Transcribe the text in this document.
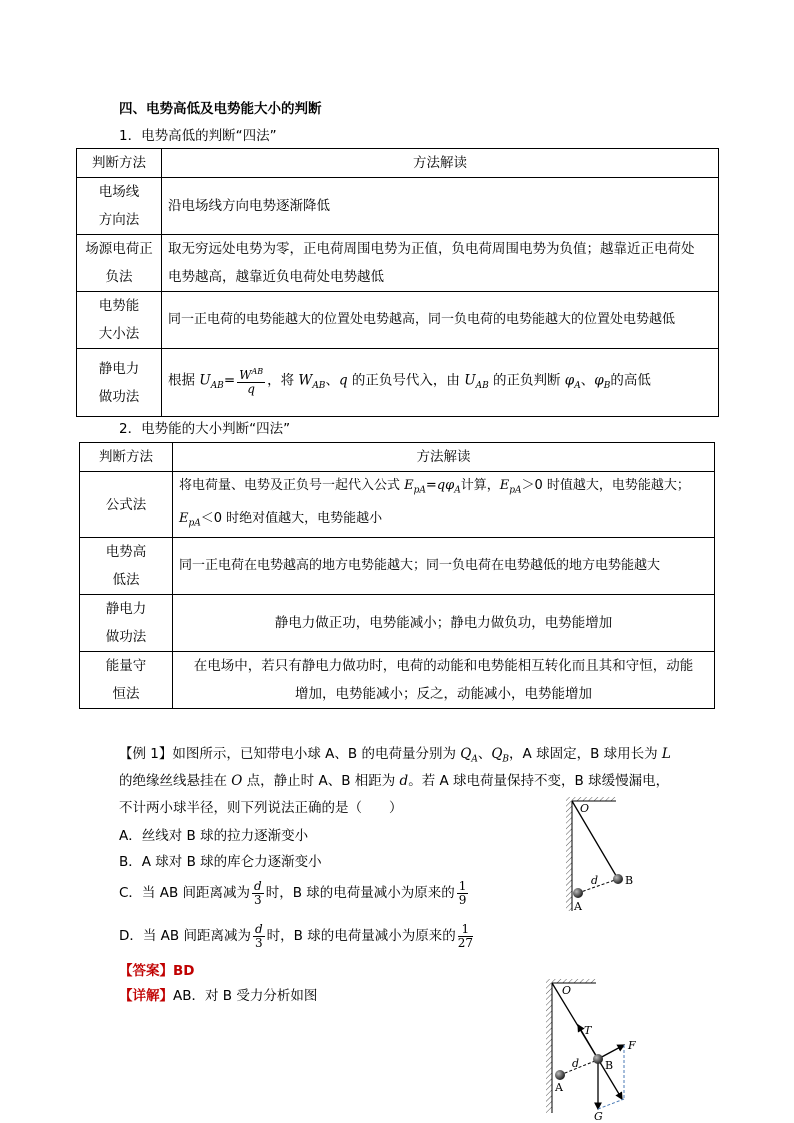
四、电势高低及电势能大小的判断
1．电势高低的判断“四法”
判断方法	方法解读
电场线
方向法	沿电场线方向电势逐渐降低
场源电荷正
负法	取无穷远处电势为零，正电荷周围电势为正值，负电荷周围电势为负值；越靠近正电荷处
电势越高，越靠近负电荷处电势越低
电势能
大小法	同一正电荷的电势能越大的位置处电势越高，同一负电荷的电势能越大的位置处电势越低
静电力
做功法	根据 $U_{AB}= \frac{W^{AB}}{q}$ ，将 $W_{AB}$、q 的正负号代入，由 $U_{AB}$ 的正负判断 $\varphi_A$、$\varphi_B$的高低
2．电势能的大小判断“四法”
判断方法	方法解读
公式法	将电荷量、电势及正负号一起代入公式 $E_{pA}=q\varphi_A$计算，$E_{pA}>0$ 时值越大，电势能越大；
$E_{pA}<0$ 时绝对值越大，电势能越小
电势高
低法	同一正电荷在电势越高的地方电势能越大；同一负电荷在电势越低的地方电势能越大
静电力
做功法	静电力做正功，电势能减小；静电力做负功，电势能增加
能量守
恒法	在电场中，若只有静电力做功时，电荷的动能和电势能相互转化而且其和守恒，动能
增加，电势能减小；反之，动能减小，电势能增加
【例 1】如图所示，已知带电小球 A、B 的电荷量分别为 $Q_A$、$Q_B$，A 球固定，B 球用长为 L
的绝缘丝线悬挂在 O 点，静止时 A、B 相距为 d。若 A 球电荷量保持不变，B 球缓慢漏电，
不计两小球半径，则下列说法正确的是（　　）
A．丝线对 B 球的拉力逐渐变小
B．A 球对 B 球的库仑力逐渐变小
C．当 AB 间距离减为 $\frac{d}{3}$ 时，B 球的电荷量减小为原来的 $\frac{1}{9}$
D．当 AB 间距离减为 $\frac{d}{3}$ 时，B 球的电荷量减小为原来的 $\frac{1}{27}$
【答案】BD
【详解】AB．对 B 受力分析如图
O
A
B
d
O
A
B
d
T
F
G
